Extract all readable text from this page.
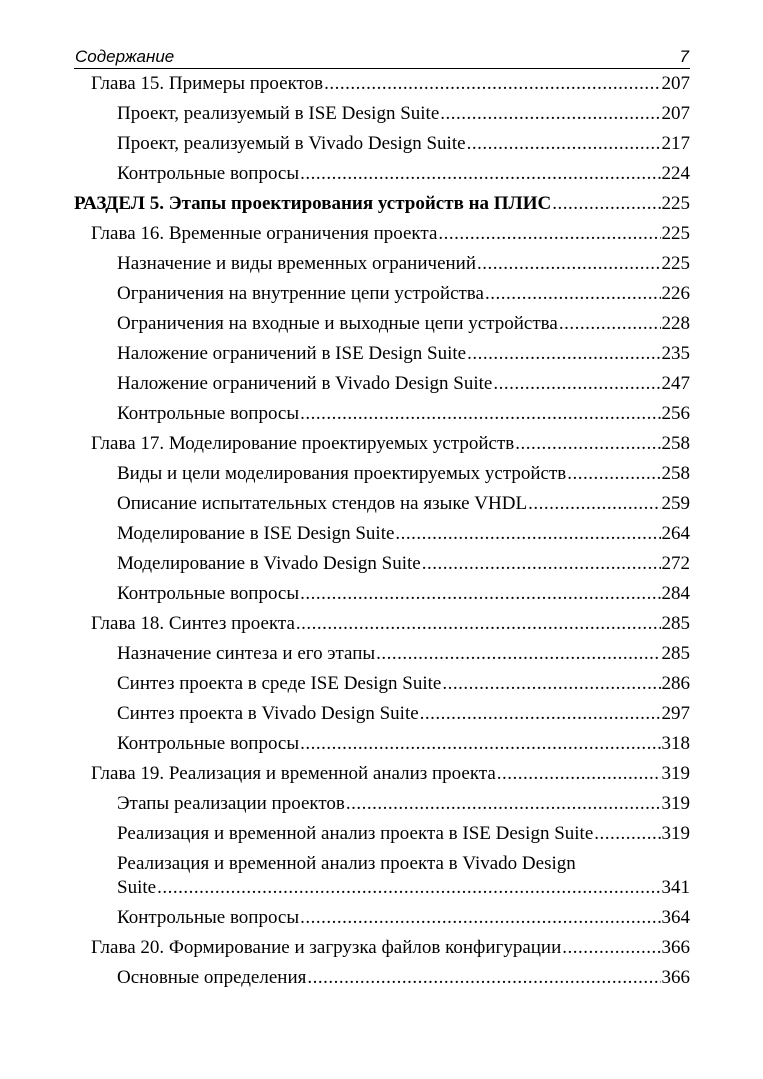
Содержание	7
Глава 15. Примеры проектов .....	207
Проект, реализуемый в ISE Design Suite .....	207
Проект, реализуемый в Vivado Design Suite .....	217
Контрольные вопросы .....	224
РАЗДЕЛ 5. Этапы проектирования устройств на ПЛИС .....	225
Глава 16. Временные ограничения проекта .....	225
Назначение и виды временных ограничений .....	225
Ограничения на внутренние цепи устройства .....	226
Ограничения на входные и выходные цепи устройства .....	228
Наложение ограничений в ISE Design Suite .....	235
Наложение ограничений в Vivado Design Suite .....	247
Контрольные вопросы .....	256
Глава 17. Моделирование проектируемых устройств .....	258
Виды и цели моделирования проектируемых устройств .....	258
Описание испытательных стендов на языке VHDL .....	259
Моделирование в ISE Design Suite .....	264
Моделирование в Vivado Design Suite .....	272
Контрольные вопросы .....	284
Глава 18. Синтез проекта .....	285
Назначение синтеза и его этапы .....	285
Синтез проекта в среде ISE Design Suite .....	286
Синтез проекта в Vivado Design Suite .....	297
Контрольные вопросы .....	318
Глава 19. Реализация и временной анализ проекта .....	319
Этапы реализации проектов .....	319
Реализация и временной анализ проекта в ISE Design Suite .....	319
Реализация и временной анализ проекта в Vivado Design
Suite .....	341
Контрольные вопросы .....	364
Глава 20. Формирование и загрузка файлов конфигурации .....	366
Основные определения .....	366
